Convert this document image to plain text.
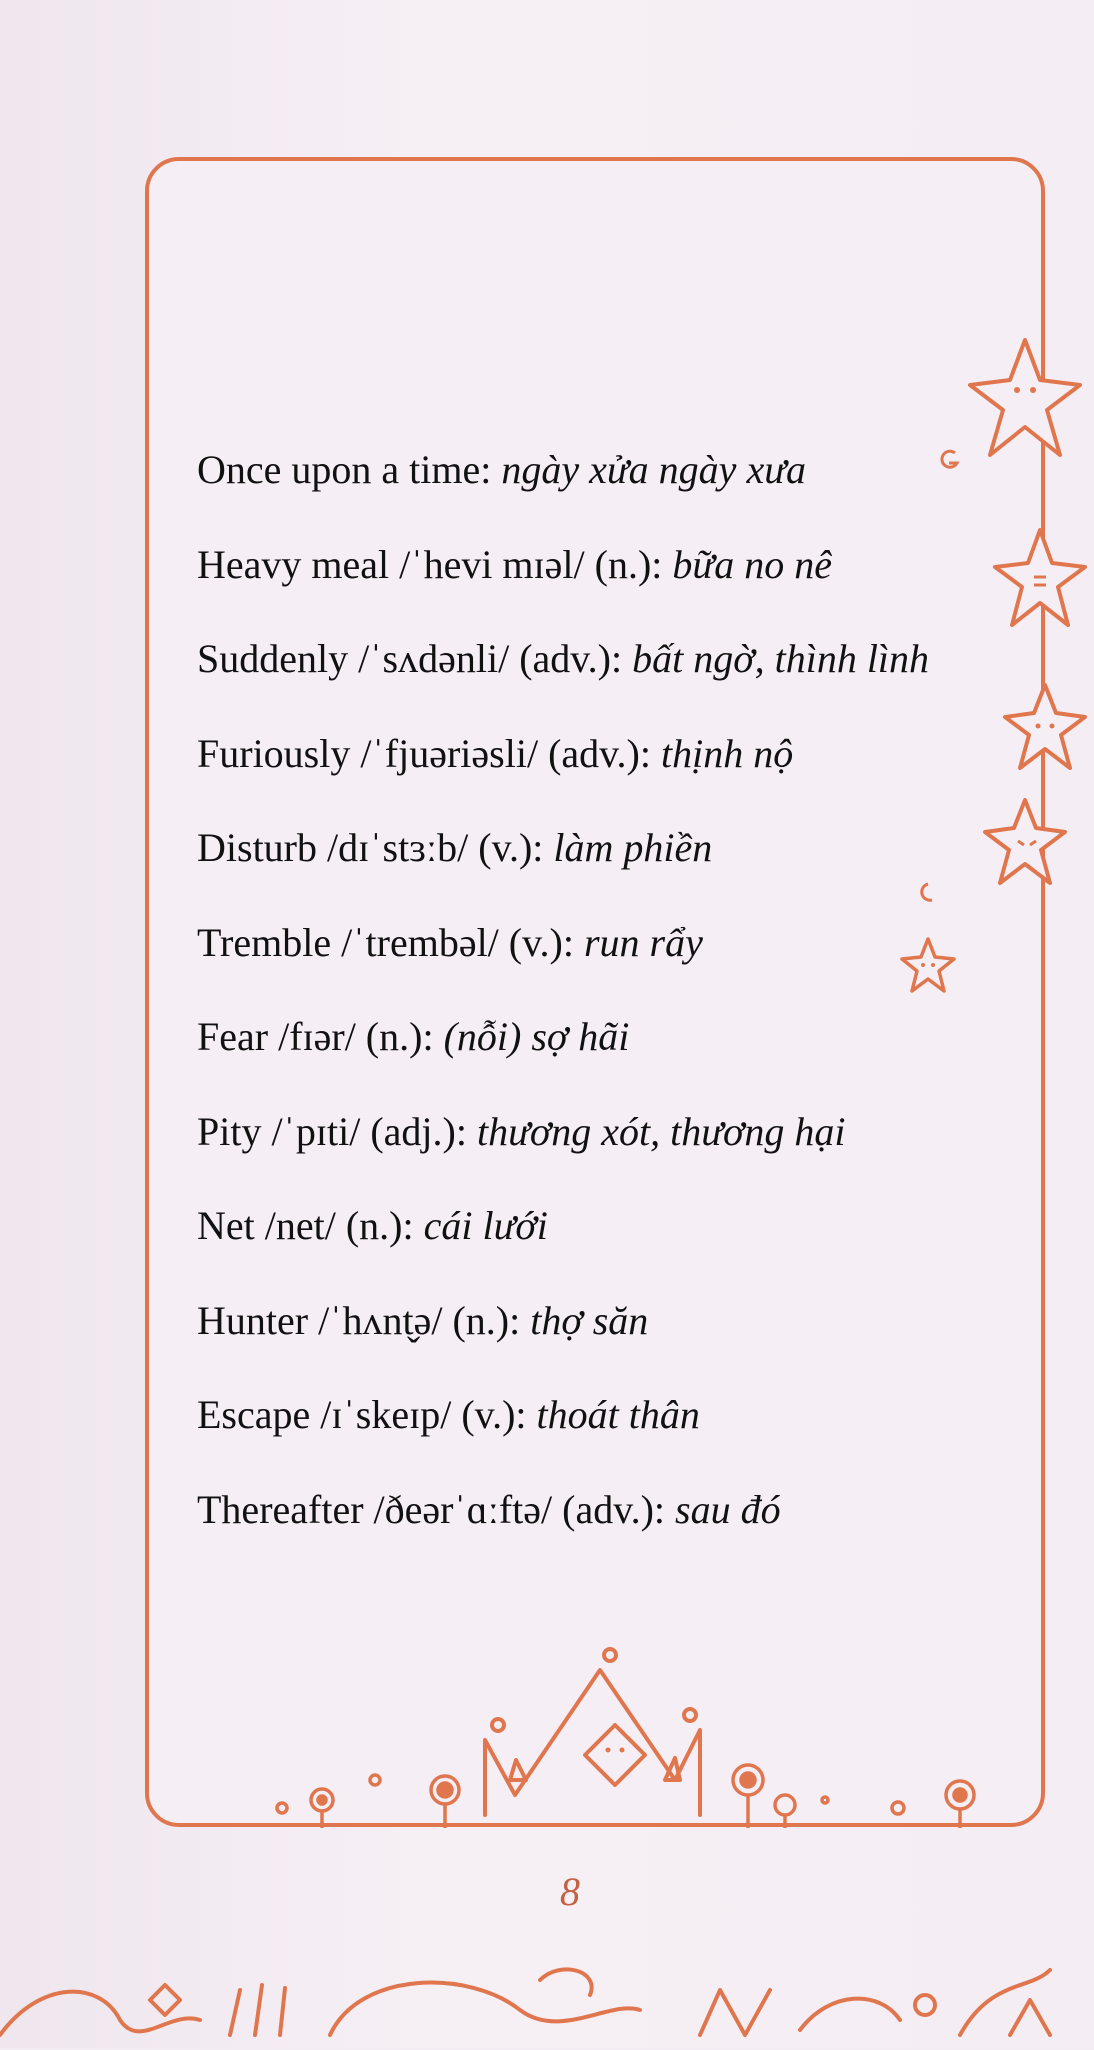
Once upon a time: ngày xửa ngày xưa
Heavy meal /ˈhevi mɪəl/ (n.): bữa no nê
Suddenly /ˈsʌdənli/ (adv.): bất ngờ, thình lình
Furiously /ˈfjuəriəsli/ (adv.): thịnh nộ
Disturb /dɪˈstɜːb/ (v.): làm phiền
Tremble /ˈtrembəl/ (v.): run rẩy
Fear /fɪər/ (n.): (nỗi) sợ hãi
Pity /ˈpɪti/ (adj.): thương xót, thương hại
Net /net/ (n.): cái lưới
Hunter /ˈhʌnt̬ə/ (n.): thợ săn
Escape /ɪˈskeɪp/ (v.): thoát thân
Thereafter /ðeərˈɑːftə/ (adv.): sau đó
8
